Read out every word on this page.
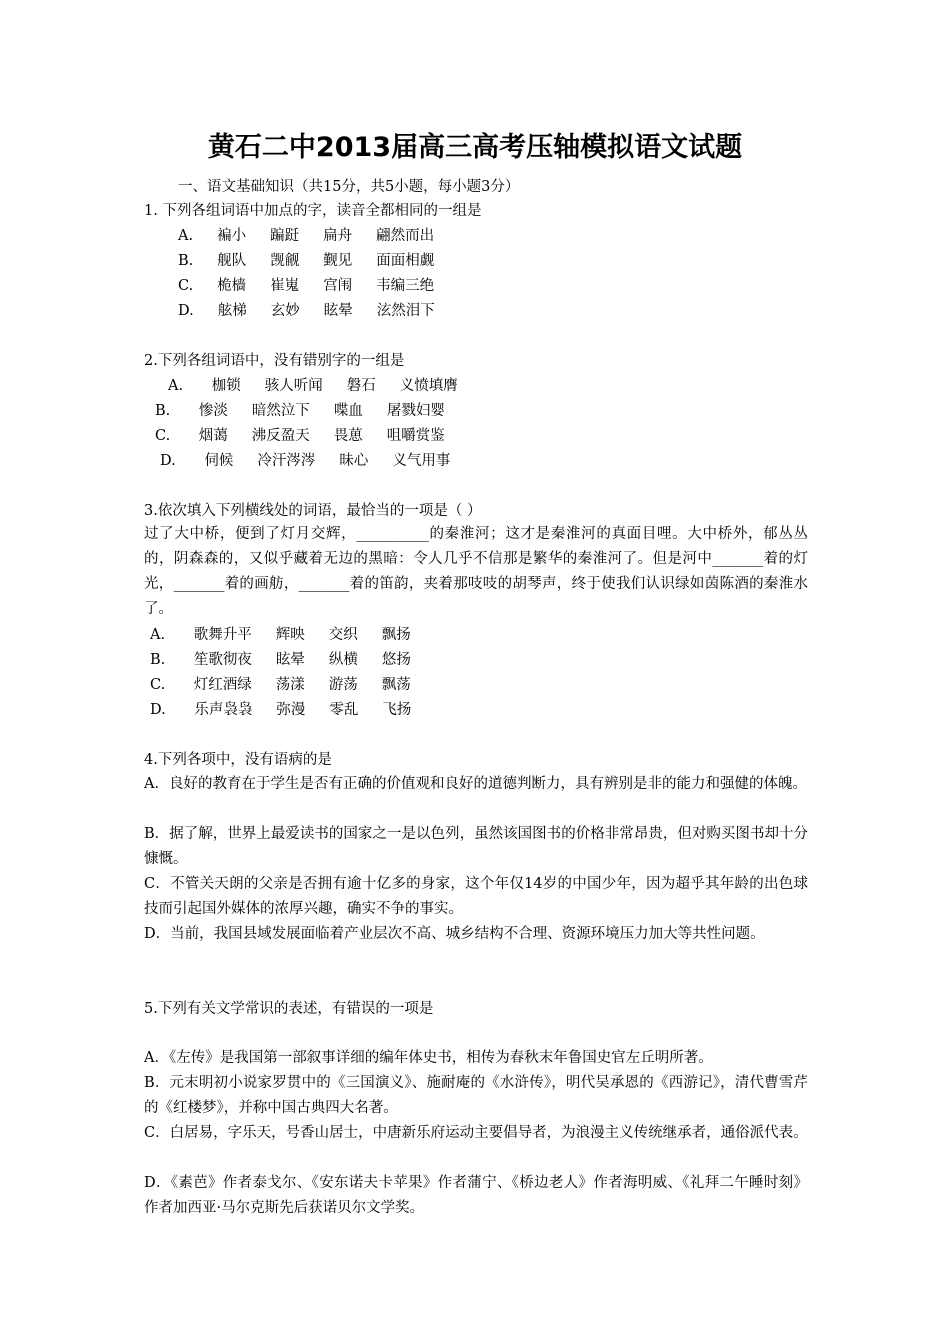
黄石二中2013届高三高考压轴模拟语文试题
一、语文基础知识（共15分，共5小题，每小题3分）
1. 下列各组词语中加点的字，读音全都相同的一组是
A. 褊小 蹁跹 扁舟 翩然而出
B. 舰队 觊觎 觐见 面面相觑
C. 桅樯 崔嵬 宫闱 韦编三绝
D. 舷梯 玄妙 眩晕 泫然泪下
2.下列各组词语中，没有错别字的一组是
A. 枷锁 骇人听闻 磐石 义愤填膺
B. 惨淡 暗然泣下 喋血 屠戮妇婴
C. 烟蔼 沸反盈天 畏葸 咀嚼赏鉴
D. 伺候 冷汗涔涔 昧心 义气用事
3.依次填入下列横线处的词语，最恰当的一项是（ ）
过了大中桥，便到了灯月交辉，__________的秦淮河；这才是秦淮河的真面目哩。大中桥外，郁丛丛的，阴森森的，又似乎藏着无边的黑暗：令人几乎不信那是繁华的秦淮河了。但是河中_______着的灯光，_______着的画舫，_______着的笛韵，夹着那吱吱的胡琴声，终于使我们认识绿如茵陈酒的秦淮水了。
A. 歌舞升平 辉映 交织 飘扬
B. 笙歌彻夜 眩晕 纵横 悠扬
C. 灯红酒绿 荡漾 游荡 飘荡
D. 乐声袅袅 弥漫 零乱 飞扬
4.下列各项中，没有语病的是
A．良好的教育在于学生是否有正确的价值观和良好的道德判断力，具有辨别是非的能力和强健的体魄。
B．据了解，世界上最爱读书的国家之一是以色列，虽然该国图书的价格非常昂贵，但对购买图书却十分慷慨。
C．不管关天朗的父亲是否拥有逾十亿多的身家，这个年仅14岁的中国少年，因为超乎其年龄的出色球技而引起国外媒体的浓厚兴趣，确实不争的事实。
D．当前，我国县域发展面临着产业层次不高、城乡结构不合理、资源环境压力加大等共性问题。
5.下列有关文学常识的表述，有错误的一项是
A．《左传》是我国第一部叙事详细的编年体史书，相传为春秋末年鲁国史官左丘明所著。
B．元末明初小说家罗贯中的《三国演义》、施耐庵的《水浒传》，明代吴承恩的《西游记》，清代曹雪芹的《红楼梦》，并称中国古典四大名著。
C．白居易，字乐天，号香山居士，中唐新乐府运动主要倡导者，为浪漫主义传统继承者，通俗派代表。
D．《素芭》作者泰戈尔、《安东诺夫卡苹果》作者蒲宁、《桥边老人》作者海明威、《礼拜二午睡时刻》作者加西亚·马尔克斯先后获诺贝尔文学奖。
